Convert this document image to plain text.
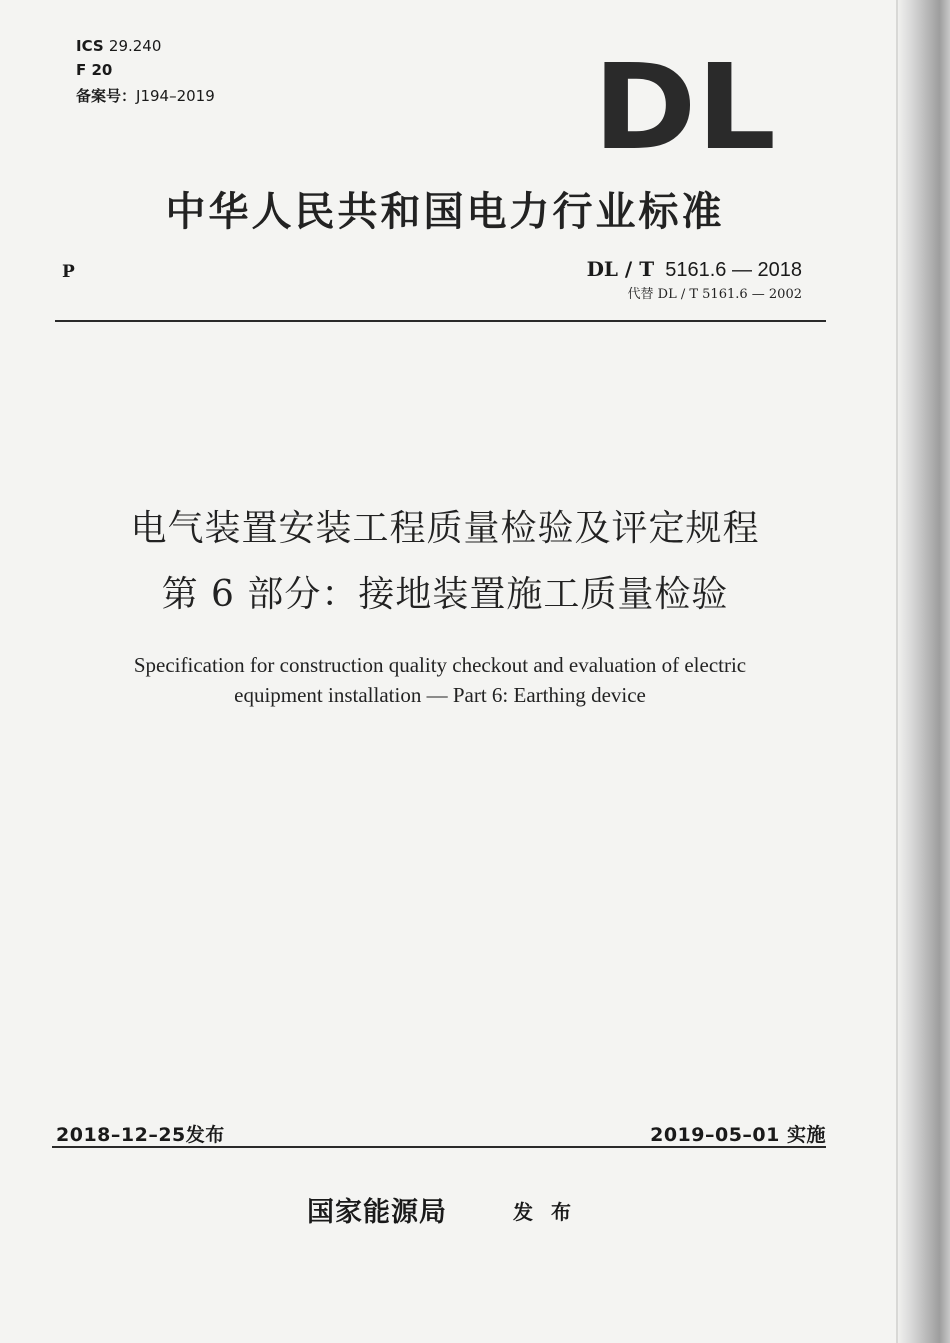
ICS 29.240
F 20
备案号：J194–2019	DL
中华人民共和国电力行业标准
P	DL / T 5161.6 — 2018
代替 DL / T 5161.6 — 2002
电气装置安装工程质量检验及评定规程
第 6 部分：接地装置施工质量检验
Specification for construction quality checkout and evaluation of electric
equipment installation — Part 6: Earthing device
2018–12–25发布	2019–05–01 实施
国家能源局	发布
